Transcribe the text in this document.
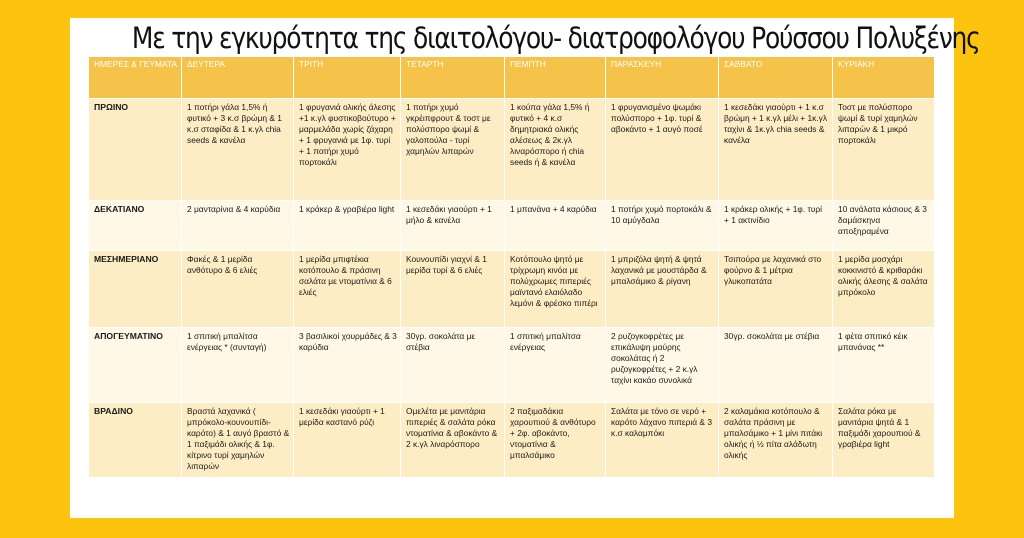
Με την εγκυρότητα της διαιτολόγου- διατροφολόγου Ρούσσου Πολυξένης
ΗΜΕΡΕΣ & ΓΕΥΜΑΤΑ	ΔΕΥΤΕΡΑ	ΤΡΙΤΗ	ΤΕΤΑΡΤΗ	ΠΕΜΠΤΗ	ΠΑΡΑΣΚΕΥΗ	ΣΑΒΒΑΤΟ	ΚΥΡΙΑΚΗ
ΠΡΩΙΝΟ	1 ποτήρι γάλα 1,5% ή φυτικό + 3 κ.σ βρώμη & 1 κ.σ σταφίδα & 1 κ.γλ chia seeds & κανέλα	1 φρυγανιά ολικής άλεσης +1 κ.γλ φυστικοβούτυρο + μαρμελάδα χωρίς ζάχαρη + 1 φρυγανιά με 1φ. τυρί + 1 ποτήρι χυμό πορτοκάλι	1 ποτήρι χυμό γκρέιπφρουτ & τοστ με πολύσπορο ψωμί & γαλοπούλα - τυρί χαμηλών λιπαρών	1 κούπα γάλα 1,5% ή φυτικό + 4 κ.σ δημητριακά ολικής αλέσεως & 2κ.γλ λιναρόσπορο ή chia seeds ή & κανέλα	1 φρυγανισμένο ψωμάκι πολύσπορο + 1φ. τυρί & αβοκάντο + 1 αυγό ποσέ	1 κεσεδάκι γιαούρτι + 1 κ.σ βρώμη + 1 κ.γλ μέλι + 1κ.γλ ταχίνι & 1κ.γλ chia seeds & κανέλα	Τοστ με πολύσπορο ψωμί & τυρί χαμηλών λιπαρών & 1 μικρό πορτοκάλι
ΔΕΚΑΤΙΑΝΟ	2 μανταρίνια & 4 καρύδια	1 κράκερ & γραβιέρα light	1 κεσεδάκι γιαούρτι + 1 μήλο & κανέλα	1 μπανάνα + 4 καρύδια	1 ποτήρι χυμό πορτοκάλι & 10 αμύγδαλα	1 κράκερ ολικής + 1φ. τυρί + 1 ακτινίδιο	10 ανάλατα κάσιους & 3 δαμάσκηνα αποξηραμένα
ΜΕΣΗΜΕΡΙΑΝΟ	Φακές & 1 μερίδα ανθότυρο & 6 ελιές	1 μερίδα μπιφτέκια κοτόπουλο & πράσινη σαλάτα με ντοματίνια & 6 ελιές	Κουνουπίδι γιαχνί & 1 μερίδα τυρί & 6 ελιές	Κοτόπουλο ψητό με τρίχρωμη κινόα με πολύχρωμες πιπεριές μαϊντανό ελαιόλαδο λεμόνι & φρέσκο πιπέρι	1 μπριζόλα ψητή & ψητά λαχανικά με μουστάρδα & μπαλσάμικο & ρίγανη	Τσιπούρα με λαχανικά στο φούρνο & 1 μέτρια γλυκοπατάτα	1 μερίδα μοσχάρι κοκκινιστό & κριθαράκι ολικής άλεσης & σαλάτα μπρόκολο
ΑΠΟΓΕΥΜΑΤΙΝΟ	1 σπιτική μπαλίτσα ενέργειας * (συνταγή)	3 βασιλικοί χουρμάδες & 3 καρύδια	30γρ. σοκολάτα με στέβια	1 σπιτική μπαλίτσα ενέργειας	2 ρυζογκοφρέτες με επικάλυψη μαύρης σοκολάτας ή 2 ρυζογκοφρέτες + 2 κ.γλ ταχίνι κακάο συνολικά	30γρ. σοκολάτα με στέβια	1 φέτα σπιτικό κέικ μπανάνας **
ΒΡΑΔΙΝΟ	Βραστά λαχανικά ( μπρόκολο-κουνουπίδι-καρότο) & 1 αυγό βραστό & 1 παξιμάδι ολικής & 1φ. κίτρινο τυρί χαμηλών λιπαρών	1 κεσεδάκι γιαούρτι + 1 μερίδα καστανό ρύζι	Ομελέτα με μανιτάρια πιπεριές & σαλάτα ρόκα ντοματίνια & αβοκάντο & 2 κ.γλ λιναρόσπορο	2 παξιμαδάκια χαρουπιού & ανθότυρο + 2φ. αβοκάντο, ντοματίνια & μπαλσάμικο	Σαλάτα με τόνο σε νερό + καρότο λάχανο πιπεριά & 3 κ.σ καλαμπόκι	2 καλαμάκια κοτόπουλο & σαλάτα πράσινη με μπαλσάμικο + 1 μίνι πιτάκι ολικής ή ½ πίτα αλάδωτη ολικής	Σαλάτα ρόκα με μανιτάρια ψητά & 1 παξιμάδι χαρουπιού & γραβιέρα light
